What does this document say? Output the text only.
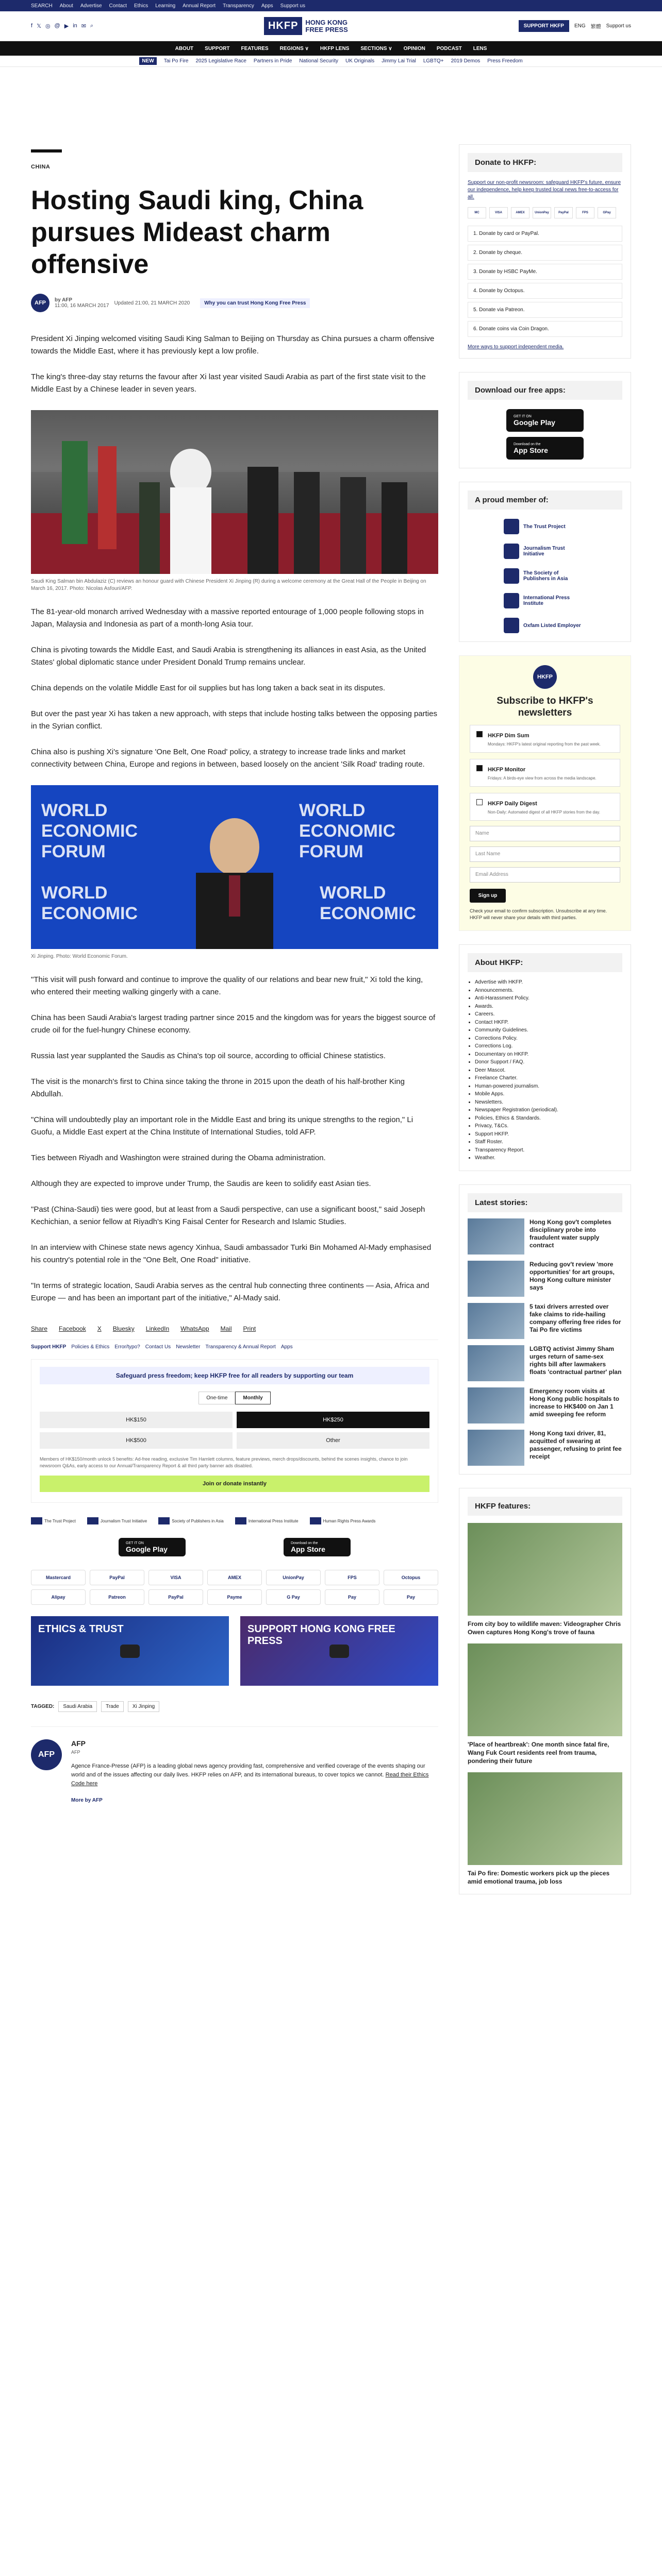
SEARCH About Advertise Contact Ethics Learning Annual Report Transparency Apps Support us
f 𝕏 ◎ @ ▶ in ✉ ⌕	HKFP	HONG KONG
FREE PRESS	SUPPORT HKFP	ENG 繁體 Support us
ABOUT SUPPORT FEATURES REGIONS ∨ HKFP LENS SECTIONS ∨ OPINION PODCAST LENS
NEW	Tai Po Fire 2025 Legislative Race Partners in Pride National Security UK Originals Jimmy Lai Trial LGBTQ+ 2019 Demos Press Freedom
CHINA
Hosting Saudi king, China pursues Mideast charm offensive
AFP	by AFP
11:00, 16 MARCH 2017 Updated 21:00, 21 MARCH 2020	Why you can trust Hong Kong Free Press

President Xi Jinping welcomed visiting Saudi King Salman to Beijing on Thursday as China pursues a charm offensive towards the Middle East, where it has previously kept a low profile.

The king's three-day stay returns the favour after Xi last year visited Saudi Arabia as part of the first state visit to the Middle East by a Chinese leader in seven years.

Saudi King Salman bin Abdulaziz (C) reviews an honour guard with Chinese President Xi Jinping (R) during a welcome ceremony at the Great Hall of the People in Beijing on March 16, 2017. Photo: Nicolas Asfouri/AFP.

The 81-year-old monarch arrived Wednesday with a massive reported entourage of 1,000 people following stops in Japan, Malaysia and Indonesia as part of a month-long Asia tour.

China is pivoting towards the Middle East, and Saudi Arabia is strengthening its alliances in east Asia, as the United States' global diplomatic stance under President Donald Trump remains unclear.

China depends on the volatile Middle East for oil supplies but has long taken a back seat in its disputes.

But over the past year Xi has taken a new approach, with steps that include hosting talks between the opposing parties in the Syrian conflict.

China also is pushing Xi's signature 'One Belt, One Road' policy, a strategy to increase trade links and market connectivity between China, Europe and regions in between, based loosely on the ancient 'Silk Road' trading route.

WORLD
ECONOMIC
FORUM
WORLD
ECONOMIC
FORUM
WORLD
ECONOMIC
WORLD
ECONOMIC
Xi Jinping. Photo: World Economic Forum.

"This visit will push forward and continue to improve the quality of our relations and bear new fruit," Xi told the king, who entered their meeting walking gingerly with a cane.

China has been Saudi Arabia's largest trading partner since 2015 and the kingdom was for years the biggest source of crude oil for the fuel-hungry Chinese economy.

Russia last year supplanted the Saudis as China's top oil source, according to official Chinese statistics.

The visit is the monarch's first to China since taking the throne in 2015 upon the death of his half-brother King Abdullah.

"China will undoubtedly play an important role in the Middle East and bring its unique strengths to the region," Li Guofu, a Middle East expert at the China Institute of International Studies, told AFP.

Ties between Riyadh and Washington were strained during the Obama administration.

Although they are expected to improve under Trump, the Saudis are keen to solidify east Asian ties.

"Past (China-Saudi) ties were good, but at least from a Saudi perspective, can use a significant boost," said Joseph Kechichian, a senior fellow at Riyadh's King Faisal Center for Research and Islamic Studies.

In an interview with Chinese state news agency Xinhua, Saudi ambassador Turki Bin Mohamed Al-Mady emphasised his country's potential role in the "One Belt, One Road" initiative.

"In terms of strategic location, Saudi Arabia serves as the central hub connecting three continents — Asia, Africa and Europe — and has been an important part of the initiative," Al-Mady said.

Share Facebook X Bluesky LinkedIn WhatsApp Mail Print
Support HKFP Policies & Ethics Error/typo? Contact Us Newsletter Transparency & Annual Report Apps
Safeguard press freedom; keep HKFP free for all readers by supporting our team
One-time	Monthly
HK$150	HK$250
HK$500	Other
Members of HK$150/month unlock 5 benefits: Ad-free reading, exclusive Tim Hamlett columns, feature previews, merch drops/discounts, behind the scenes insights, chance to join newsroom Q&As, early access to our Annual/Transparency Report & all third party banner ads disabled.
Join or donate instantly
The Trust Project	Journalism Trust Initiative	Society of Publishers in Asia	International Press Institute	Human Rights Press Awards
GET IT ON
Google Play
Download on the
App Store
Mastercard	PayPal	VISA	AMEX	UnionPay	FPS	Octopus
Alipay	Patreon	PayPal	Payme	G Pay	Pay	Pay
ETHICS & TRUST	SUPPORT HONG KONG FREE PRESS
TAGGED:	Saudi Arabia	Trade	Xi Jinping
AFP
AFP
AFP
Agence France-Presse (AFP) is a leading global news agency providing fast, comprehensive and verified coverage of the events shaping our world and of the issues affecting our daily lives. HKFP relies on AFP, and its international bureaus, to cover topics we cannot. Read their Ethics Code here
More by AFP
Donate to HKFP:
Support our non-profit newsroom: safeguard HKFP's future, ensure our independence, help keep trusted local news free-to-access for all.
MC	VISA	AMEX	UnionPay	PayPal	FPS	GPay
1. Donate by card or PayPal.
2. Donate by cheque.
3. Donate by HSBC PayMe.
4. Donate by Octopus.
5. Donate via Patreon.
6. Donate coins via Coin Dragon.
More ways to support independent media.
Download our free apps:
GET IT ON
Google Play
Download on the
App Store
A proud member of:
The Trust Project
Journalism Trust Initiative
The Society of Publishers in Asia
International Press Institute
Oxfam Listed Employer
HKFP
Subscribe to HKFP's newsletters
HKFP Dim Sum

Mondays: HKFP's latest original reporting from the past week.

HKFP Monitor

Fridays: A birds-eye view from across the media landscape.

HKFP Daily Digest

Non-Daily: Automated digest of all HKFP stories from the day.

Name
Last Name
Email Address
Sign up
Check your email to confirm subscription. Unsubscribe at any time. HKFP will never share your details with third parties.
About HKFP:
• Advertise with HKFP.
• Announcements.
• Anti-Harassment Policy.
• Awards.
• Careers.
• Contact HKFP.
• Community Guidelines.
• Corrections Policy.
• Corrections Log.
• Documentary on HKFP.
• Donor Support / FAQ.
• Deer Mascot.
• Freelance Charter.
• Human-powered journalism.
• Mobile Apps.
• Newsletters.
• Newspaper Registration (periodical).
• Policies, Ethics & Standards.
• Privacy, T&Cs.
• Support HKFP.
• Staff Roster.
• Transparency Report.
• Weather.
Latest stories:
Hong Kong gov't completes disciplinary probe into fraudulent water supply contract
Reducing gov't review 'more opportunities' for art groups, Hong Kong culture minister says
5 taxi drivers arrested over fake claims to ride-hailing company offering free rides for Tai Po fire victims
LGBTQ activist Jimmy Sham urges return of same-sex rights bill after lawmakers floats 'contractual partner' plan
Emergency room visits at Hong Kong public hospitals to increase to HK$400 on Jan 1 amid sweeping fee reform
Hong Kong taxi driver, 81, acquitted of swearing at passenger, refusing to print fee receipt
HKFP features:
From city boy to wildlife maven: Videographer Chris Owen captures Hong Kong's trove of fauna
'Place of heartbreak': One month since fatal fire, Wang Fuk Court residents reel from trauma, pondering their future
Tai Po fire: Domestic workers pick up the pieces amid emotional trauma, job loss
